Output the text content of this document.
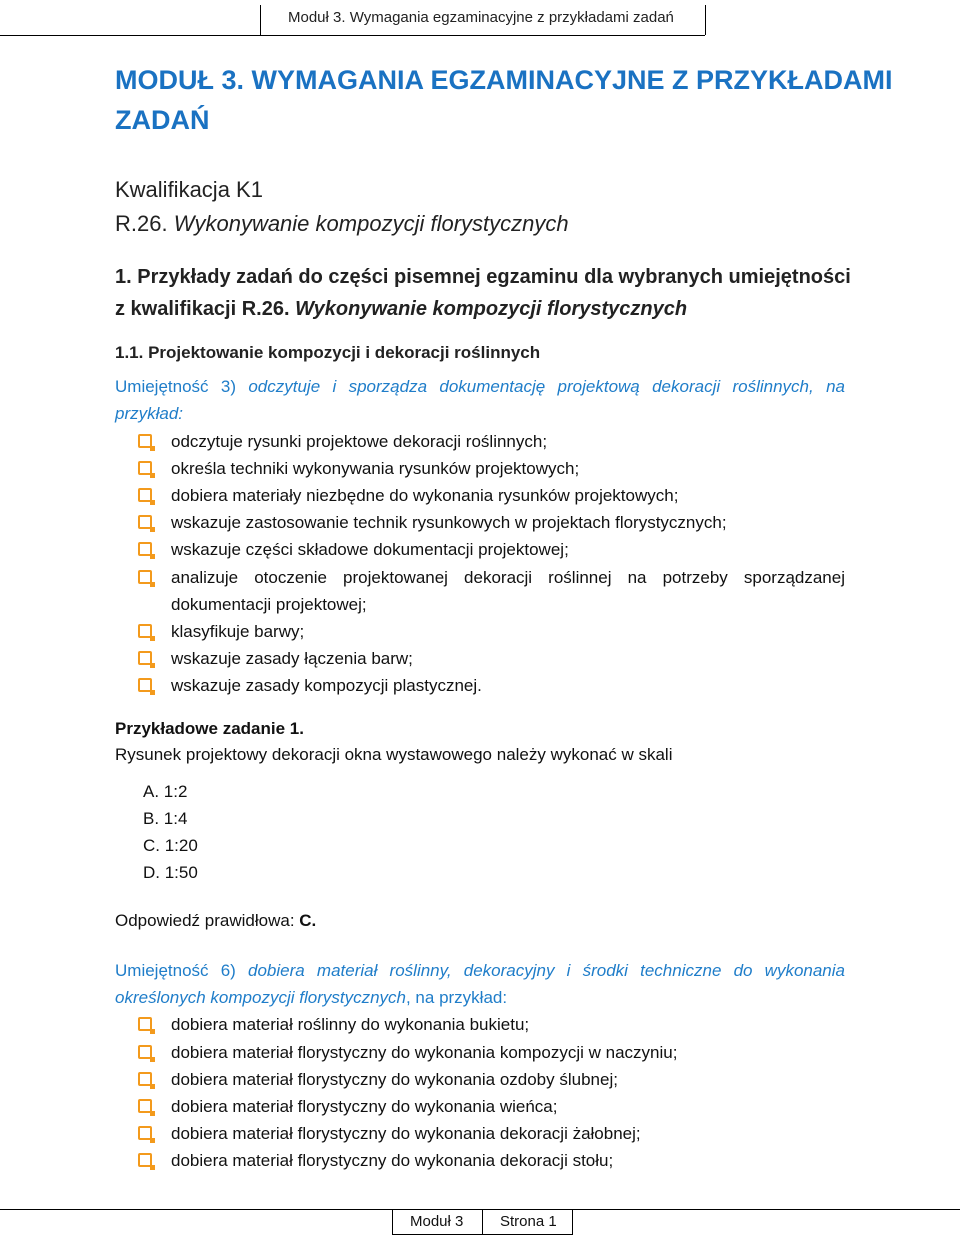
Moduł 3. Wymagania egzaminacyjne z przykładami zadań
MODUŁ 3. WYMAGANIA EGZAMINACYJNE Z PRZYKŁADAMI
ZADAŃ
Kwalifikacja K1
R.26. Wykonywanie kompozycji florystycznych
1. Przykłady zadań do części pisemnej egzaminu dla wybranych umiejętności
z kwalifikacji R.26. Wykonywanie kompozycji florystycznych
1.1. Projektowanie kompozycji i dekoracji roślinnych
Umiejętność 3) odczytuje i sporządza dokumentację projektową dekoracji roślinnych, na
przykład:
odczytuje rysunki projektowe dekoracji roślinnych;
określa techniki wykonywania rysunków projektowych;
dobiera materiały niezbędne do wykonania rysunków projektowych;
wskazuje zastosowanie technik rysunkowych w projektach florystycznych;
wskazuje części składowe dokumentacji projektowej;
analizuje otoczenie projektowanej dekoracji roślinnej na potrzeby sporządzanej
dokumentacji projektowej;
klasyfikuje barwy;
wskazuje zasady łączenia barw;
wskazuje zasady kompozycji plastycznej.
Przykładowe zadanie 1.
Rysunek projektowy dekoracji okna wystawowego należy wykonać w skali
A. 1:2
B. 1:4
C. 1:20
D. 1:50
Odpowiedź prawidłowa: C.
Umiejętność 6) dobiera materiał roślinny, dekoracyjny i środki techniczne do wykonania
określonych kompozycji florystycznych, na przykład:
dobiera materiał roślinny do wykonania bukietu;
dobiera materiał florystyczny do wykonania kompozycji w naczyniu;
dobiera materiał florystyczny do wykonania ozdoby ślubnej;
dobiera materiał florystyczny do wykonania wieńca;
dobiera materiał florystyczny do wykonania dekoracji żałobnej;
dobiera materiał florystyczny do wykonania dekoracji stołu;
Moduł 3 Strona 1
